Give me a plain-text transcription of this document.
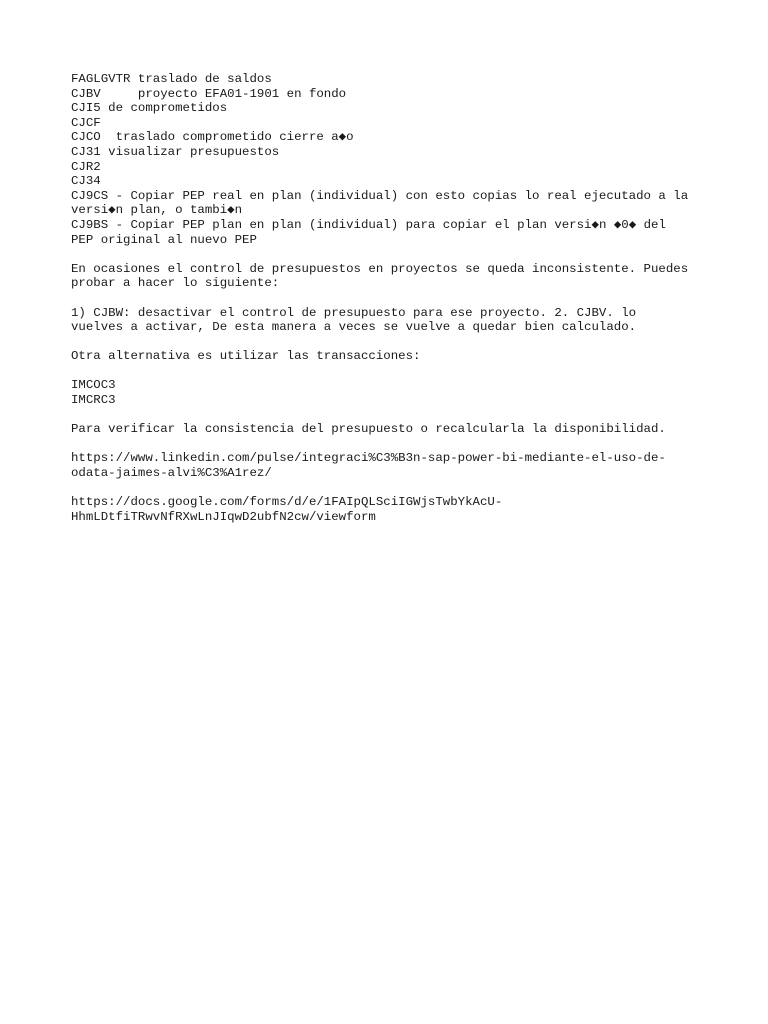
FAGLGVTR traslado de saldos
CJBV     proyecto EFA01-1901 en fondo
CJI5 de comprometidos
CJCF
CJCO  traslado comprometido cierre a◆o
CJ31 visualizar presupuestos
CJR2
CJ34
CJ9CS - Copiar PEP real en plan (individual) con esto copias lo real ejecutado a la
versi◆n plan, o tambi◆n
CJ9BS - Copiar PEP plan en plan (individual) para copiar el plan versi◆n ◆0◆ del
PEP original al nuevo PEP
En ocasiones el control de presupuestos en proyectos se queda inconsistente. Puedes
probar a hacer lo siguiente:
1) CJBW: desactivar el control de presupuesto para ese proyecto. 2. CJBV. lo
vuelves a activar, De esta manera a veces se vuelve a quedar bien calculado.
Otra alternativa es utilizar las transacciones:
IMCOC3
IMCRC3
Para verificar la consistencia del presupuesto o recalcularla la disponibilidad.
https://www.linkedin.com/pulse/integraci%C3%B3n-sap-power-bi-mediante-el-uso-de-
odata-jaimes-alvi%C3%A1rez/
https://docs.google.com/forms/d/e/1FAIpQLSciIGWjsTwbYkAcU-
HhmLDtfiTRwvNfRXwLnJIqwD2ubfN2cw/viewform
